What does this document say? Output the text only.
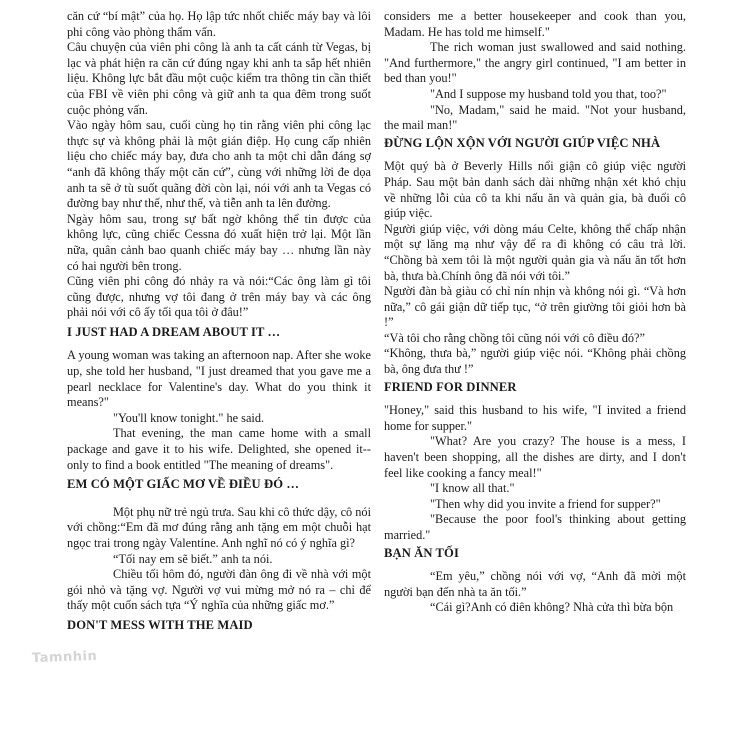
căn cứ “bí mật” của họ. Họ lập tức nhốt chiếc máy bay và lôi phi công vào phòng thẩm vấn.

Câu chuyện của viên phi công là anh ta cất cánh từ Vegas, bị lạc và phát hiện ra căn cứ đúng ngay khi anh ta sắp hết nhiên liệu. Không lực bắt đầu một cuộc kiểm tra thông tin cần thiết của FBI về viên phi công và giữ anh ta qua đêm trong suốt cuộc phỏng vấn.

Vào ngày hôm sau, cuối cùng họ tin rằng viên phi công lạc thực sự và không phải là một gián điệp. Họ cung cấp nhiên liệu cho chiếc máy bay, đưa cho anh ta một chỉ dẫn đáng sợ “anh đã không thấy một căn cứ”, cùng với những lời đe dọa anh ta sẽ ở tù suốt quãng đời còn lại, nói với anh ta Vegas có đường bay như thế, như thế, và tiễn anh ta lên đường.

Ngày hôm sau, trong sự bất ngờ không thể tin được của không lực, cũng chiếc Cessna đó xuất hiện trở lại. Một lần nữa, quân cảnh bao quanh chiếc máy bay … nhưng lần này có hai người bên trong.

Cũng viên phi công đó nhảy ra và nói:“Các ông làm gì tôi cũng được, nhưng vợ tôi đang ở trên máy bay và các ông phải nói với cô ấy tối qua tôi ở đâu!”

I JUST HAD A DREAM ABOUT IT …

A young woman was taking an afternoon nap. After she woke up, she told her husband, "I just dreamed that you gave me a pearl necklace for Valentine's day. What do you think it means?"

"You'll know tonight." he said.

That evening, the man came home with a small package and gave it to his wife. Delighted, she opened it--only to find a book entitled "The meaning of dreams".

EM CÓ MỘT GIẤC MƠ VỀ ĐIỀU ĐÓ …

Một phụ nữ trẻ ngủ trưa. Sau khi cô thức dậy, cô nói với chồng:“Em đã mơ đúng rằng anh tặng em một chuỗi hạt ngọc trai trong ngày Valentine. Anh nghĩ nó có ý nghĩa gì?

“Tối nay em sẽ biết.” anh ta nói.

Chiều tối hôm đó, người đàn ông đi về nhà với một gói nhỏ và tặng vợ. Người vợ vui mừng mở nó ra – chỉ để thấy một cuốn sách tựa “Ý nghĩa của những giấc mơ.”

DON'T MESS WITH THE MAID

considers me a better housekeeper and cook than you, Madam. He has told me himself."

The rich woman just swallowed and said nothing. "And furthermore," the angry girl continued, "I am better in bed than you!"

"And I suppose my husband told you that, too?"

"No, Madam," said he maid. "Not your husband, the mail man!"

ĐỪNG LỘN XỘN VỚI NGƯỜI GIÚP VIỆC NHÀ

Một quý bà ở Beverly Hills nổi giận cô giúp việc người Pháp. Sau một bản danh sách dài những nhận xét khó chịu về những lỗi của cô ta khi nấu ăn và quản gia, bà đuổi cô giúp việc.

Người giúp việc, với dòng máu Celte, không thể chấp nhận một sự lăng mạ như vậy để ra đi không có câu trả lời. “Chồng bà xem tôi là một người quản gia và nấu ăn tốt hơn bà, thưa bà.Chính ông đã nói với tôi.”

Người đàn bà giàu có chỉ nín nhịn và không nói gì. “Và hơn nữa,” cô gái giận dữ tiếp tục, “ở trên giường tôi giỏi hơn bà !”

“Và tôi cho rằng chồng tôi cũng nói với cô điều đó?”

“Không, thưa bà,” người giúp việc nói. “Không phải chồng bà, ông đưa thư !”

FRIEND FOR DINNER

"Honey," said this husband to his wife, "I invited a friend home for supper."

"What? Are you crazy? The house is a mess, I haven't been shopping, all the dishes are dirty, and I don't feel like cooking a fancy meal!"

"I know all that."

"Then why did you invite a friend for supper?"

"Because the poor fool's thinking about getting married."

BẠN ĂN TỐI

“Em yêu,” chồng nói với vợ, “Anh đã mời một người bạn đến nhà ta ăn tối.”

“Cái gì?Anh có điên không? Nhà cửa thì bừa bộn

Tamnhin
